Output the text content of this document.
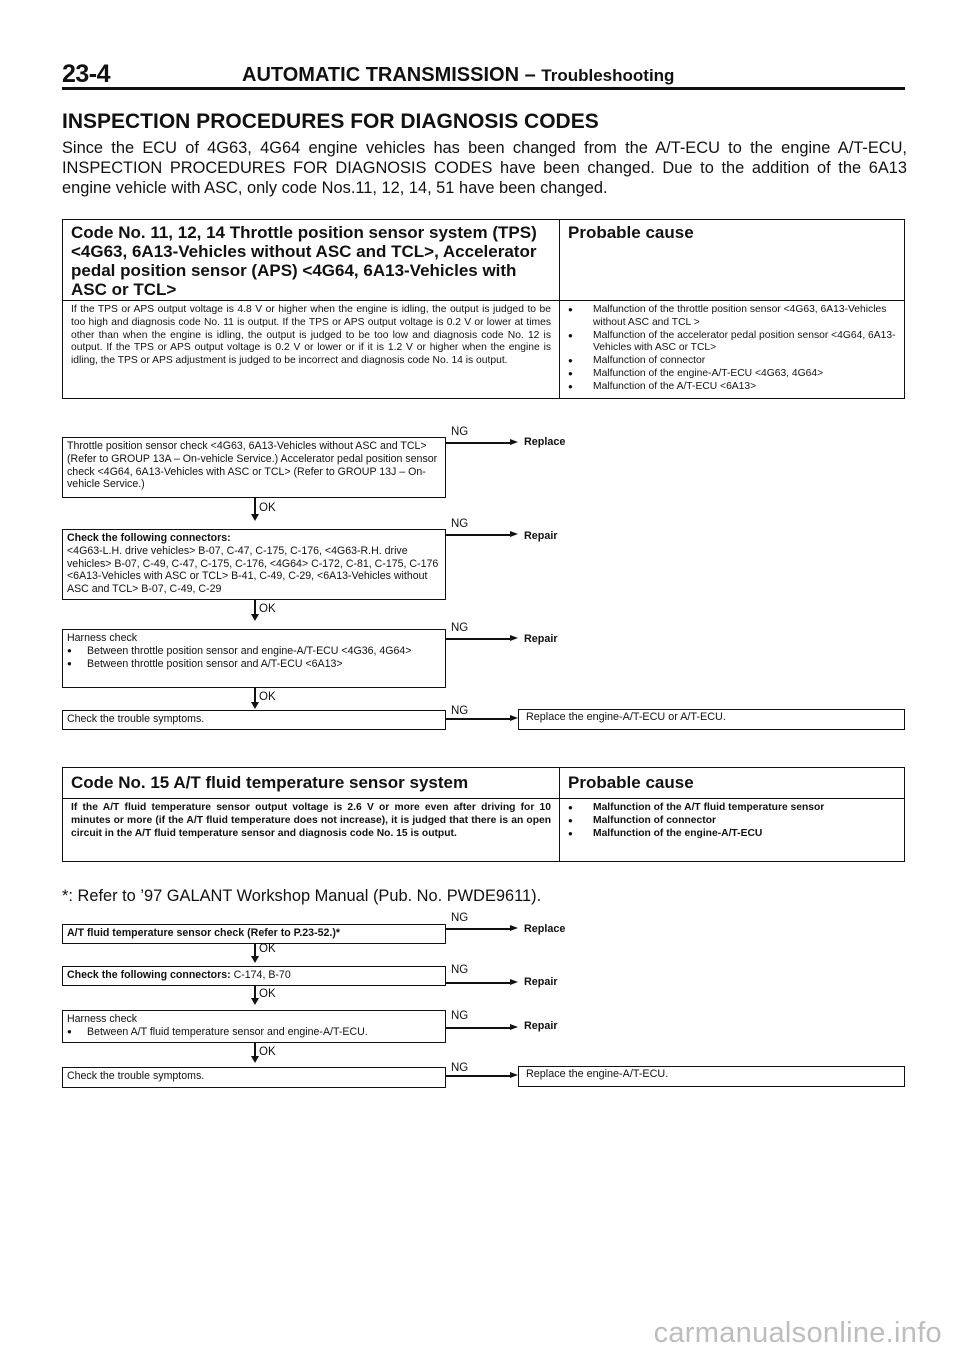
23-4	AUTOMATIC TRANSMISSION – Troubleshooting
INSPECTION PROCEDURES FOR DIAGNOSIS CODES
Since the ECU of 4G63, 4G64 engine vehicles has been changed from the A/T-ECU to the engine A/T-ECU, INSPECTION PROCEDURES FOR DIAGNOSIS CODES have been changed. Due to the addition of the 6A13 engine vehicle with ASC, only code Nos.11, 12, 14, 51 have been changed.
Code No. 11, 12, 14 Throttle position sensor system (TPS) <4G63, 6A13-Vehicles without ASC and TCL>, Accelerator pedal position sensor (APS) <4G64, 6A13-Vehicles with ASC or TCL>
Probable cause
If the TPS or APS output voltage is 4.8 V or higher when the engine is idling, the output is judged to be too high and diagnosis code No. 11 is output. If the TPS or APS output voltage is 0.2 V or lower at times other than when the engine is idling, the output is judged to be too low and diagnosis code No. 12 is output. If the TPS or APS output voltage is 0.2 V or lower or if it is 1.2 V or higher when the engine is idling, the TPS or APS adjustment is judged to be incorrect and diagnosis code No. 14 is output.
● Malfunction of the throttle position sensor <4G63, 6A13-Vehicles without ASC and TCL >
● Malfunction of the accelerator pedal position sensor <4G64, 6A13-Vehicles with ASC or TCL>
● Malfunction of connector
● Malfunction of the engine-A/T-ECU <4G63, 4G64>
● Malfunction of the A/T-ECU <6A13>
Throttle position sensor check <4G63, 6A13-Vehicles without ASC and TCL> (Refer to GROUP 13A – On-vehicle Service.) Accelerator pedal position sensor check <4G64, 6A13-Vehicles with ASC or TCL> (Refer to GROUP 13J – On-vehicle Service.)
NG
Replace
OK
Check the following connectors:
<4G63-L.H. drive vehicles> B-07, C-47, C-175, C-176, <4G63-R.H. drive vehicles> B-07, C-49, C-47, C-175, C-176, <4G64> C-172, C-81, C-175, C-176 <6A13-Vehicles with ASC or TCL> B-41, C-49, C-29, <6A13-Vehicles without ASC and TCL> B-07, C-49, C-29
NG
Repair
OK
Harness check
● Between throttle position sensor and engine-A/T-ECU <4G36, 4G64>
● Between throttle position sensor and A/T-ECU <6A13>
NG
Repair
OK
Check the trouble symptoms.
NG	Replace the engine-A/T-ECU or A/T-ECU.
Code No. 15 A/T fluid temperature sensor system	Probable cause
If the A/T fluid temperature sensor output voltage is 2.6 V or more even after driving for 10 minutes or more (if the A/T fluid temperature does not increase), it is judged that there is an open circuit in the A/T fluid temperature sensor and diagnosis code No. 15 is output.
● Malfunction of the A/T fluid temperature sensor
● Malfunction of connector
● Malfunction of the engine-A/T-ECU
*: Refer to ’97 GALANT Workshop Manual (Pub. No. PWDE9611).
A/T fluid temperature sensor check (Refer to P.23-52.)*
NG
Replace
OK
Check the following connectors: C-174, B-70	NG
Repair
OK
Harness check
● Between A/T fluid temperature sensor and engine-A/T-ECU.
NG
Repair
OK
Check the trouble symptoms.
NG	Replace the engine-A/T-ECU.
carmanualsonline.info
